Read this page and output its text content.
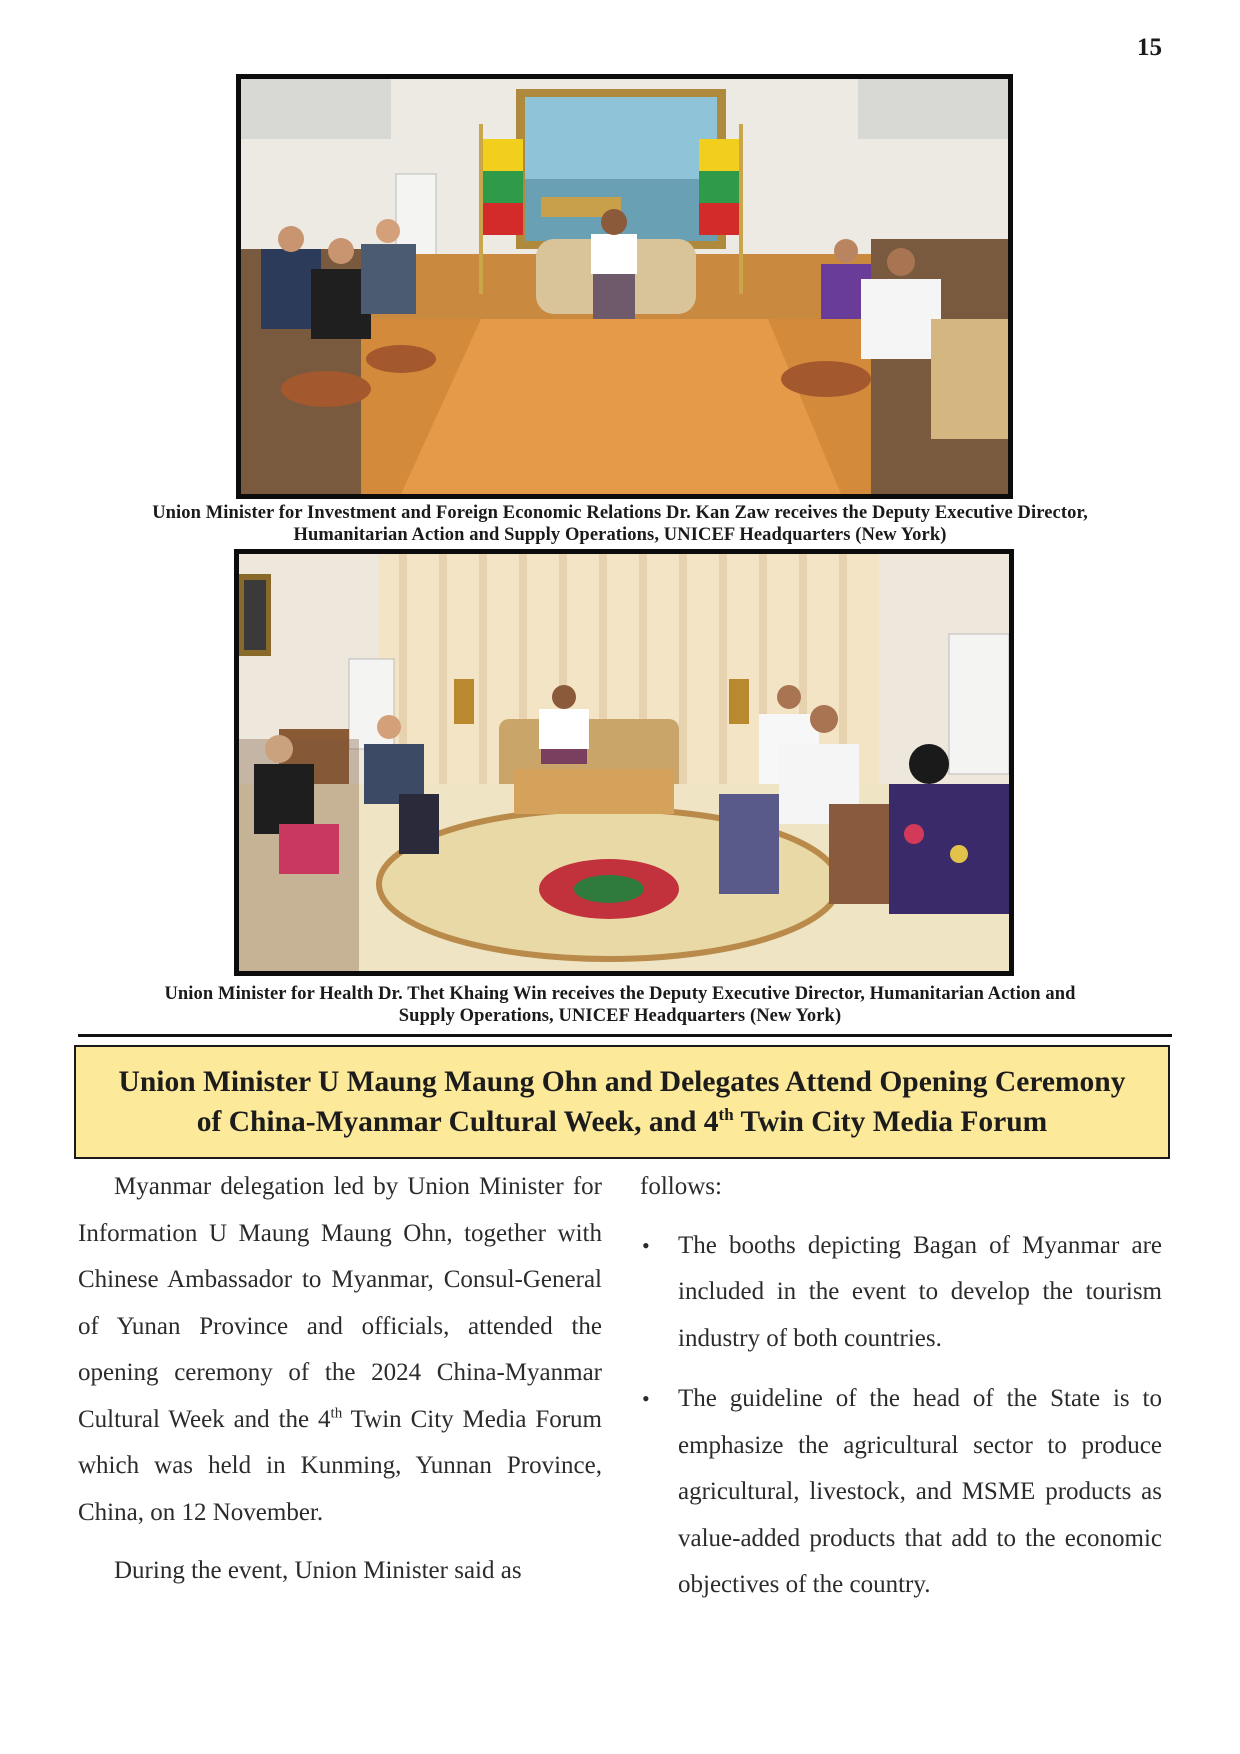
15
Union Minister for Investment and Foreign Economic Relations Dr. Kan Zaw receives the Deputy Executive Director,
Humanitarian Action and Supply Operations, UNICEF Headquarters (New York)
Union Minister for Health Dr. Thet Khaing Win receives the Deputy Executive Director, Humanitarian Action and
Supply Operations, UNICEF Headquarters (New York)
Union Minister U Maung Maung Ohn and Delegates Attend Opening Ceremony
of China-Myanmar Cultural Week, and 4th Twin City Media Forum

Myanmar delegation led by Union Minister for Information U Maung Maung Ohn, together with Chinese Ambassador to Myanmar, Consul-General of Yunan Province and officials, attended the opening ceremony of the 2024 China-Myanmar Cultural Week and the 4th Twin City Media Forum which was held in Kunming, Yunnan Province, China, on 12 November.

During the event, Union Minister said as

follows:

• The booths depicting Bagan of Myanmar are included in the event to develop the tourism industry of both countries.
• The guideline of the head of the State is to emphasize the agricultural sector to produce agricultural, livestock, and MSME products as value-added products that add to the economic objectives of the country.
